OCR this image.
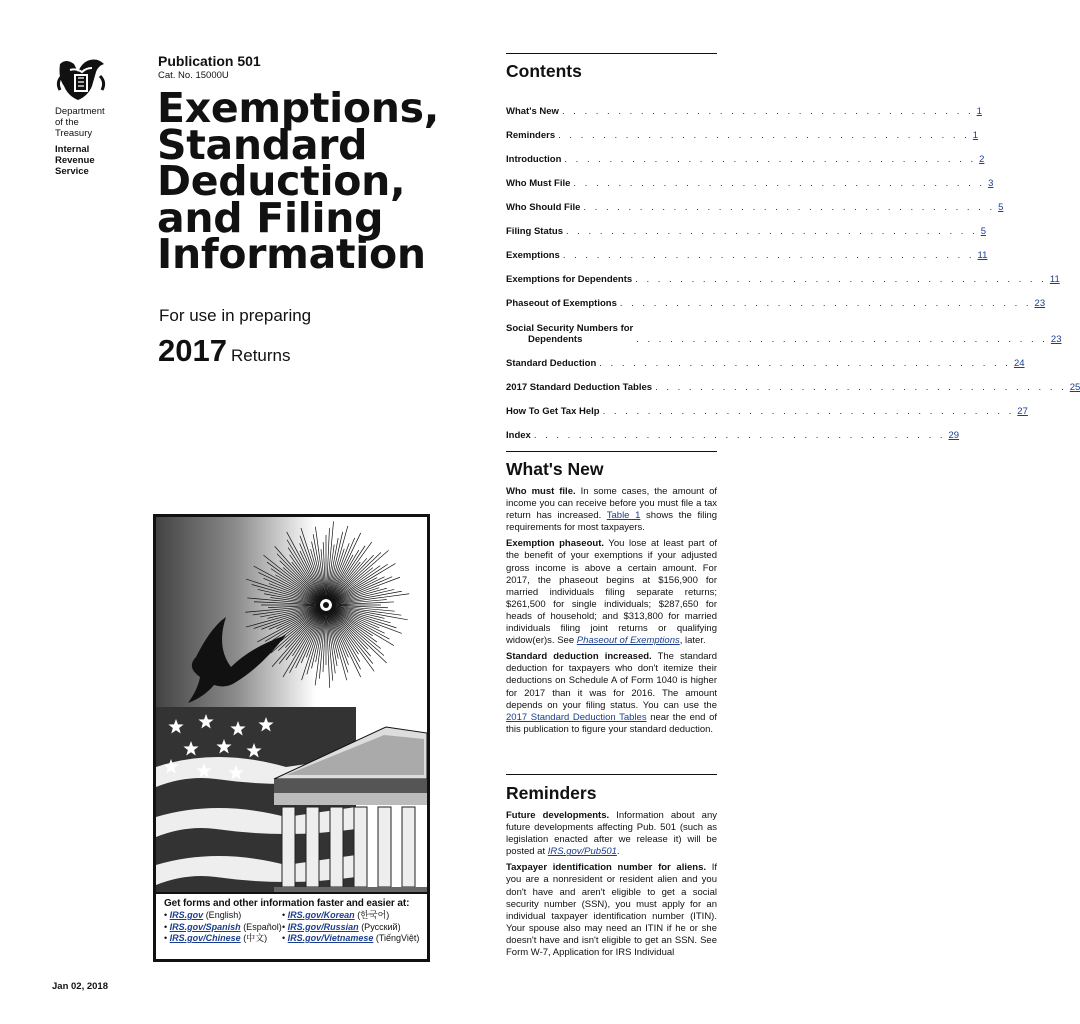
Department
of the
Treasury
Internal
Revenue
Service
Publication 501
Cat. No. 15000U
Exemptions,
Standard
Deduction,
and Filing
Information
For use in preparing
2017 Returns
Get forms and other information faster and easier at:
• IRS.gov (English)	• IRS.gov/Korean (한국어)
• IRS.gov/Spanish (Español) • IRS.gov/Russian (Русский)
• IRS.gov/Chinese (中文)	• IRS.gov/Vietnamese (TiếngViệt)
Jan 02, 2018
Contents
What's New . . . . . . . . . . . . . . . . . . . . . . . . . . . . . . . . . . . . . 1
Reminders . . . . . . . . . . . . . . . . . . . . . . . . . . . . . . . . . . . . . 1
Introduction . . . . . . . . . . . . . . . . . . . . . . . . . . . . . . . . . . . . . 2
Who Must File . . . . . . . . . . . . . . . . . . . . . . . . . . . . . . . . . . . . . 3
Who Should File . . . . . . . . . . . . . . . . . . . . . . . . . . . . . . . . . . . . . 5
Filing Status . . . . . . . . . . . . . . . . . . . . . . . . . . . . . . . . . . . . . 5
Exemptions . . . . . . . . . . . . . . . . . . . . . . . . . . . . . . . . . . . . . 11
Exemptions for Dependents . . . . . . . . . . . . . . . . . . . . . . . . . . . . . . . . . . . . . 11
Phaseout of Exemptions . . . . . . . . . . . . . . . . . . . . . . . . . . . . . . . . . . . . . 23
Social Security Numbers for
Dependents	. . . . . . . . . . . . . . . . . . . . . . . . . . . . . . . . . . . . . 23
Standard Deduction . . . . . . . . . . . . . . . . . . . . . . . . . . . . . . . . . . . . . 24
2017 Standard Deduction Tables . . . . . . . . . . . . . . . . . . . . . . . . . . . . . . . . . . . . . 25
How To Get Tax Help . . . . . . . . . . . . . . . . . . . . . . . . . . . . . . . . . . . . . 27
Index . . . . . . . . . . . . . . . . . . . . . . . . . . . . . . . . . . . . . 29
What's New

Who must file. In some cases, the amount of income you can receive before you must file a tax return has increased. Table 1 shows the filing requirements for most taxpayers.

Exemption phaseout. You lose at least part of the benefit of your exemptions if your adjusted gross income is above a certain amount. For 2017, the phaseout begins at $156,900 for married individuals filing separate returns; $261,500 for single individuals; $287,650 for heads of household; and $313,800 for married individuals filing joint returns or qualifying widow(er)s. See Phaseout of Exemptions, later.

Standard deduction increased. The standard deduction for taxpayers who don't itemize their deductions on Schedule A of Form 1040 is higher for 2017 than it was for 2016. The amount depends on your filing status. You can use the 2017 Standard Deduction Tables near the end of this publication to figure your standard deduction.

Reminders

Future developments. Information about any future developments affecting Pub. 501 (such as legislation enacted after we release it) will be posted at IRS.gov/Pub501.

Taxpayer identification number for aliens. If you are a nonresident or resident alien and you don't have and aren't eligible to get a social security number (SSN), you must apply for an individual taxpayer identification number (ITIN). Your spouse also may need an ITIN if he or she doesn't have and isn't eligible to get an SSN. See Form W-7, Application for IRS Individual
